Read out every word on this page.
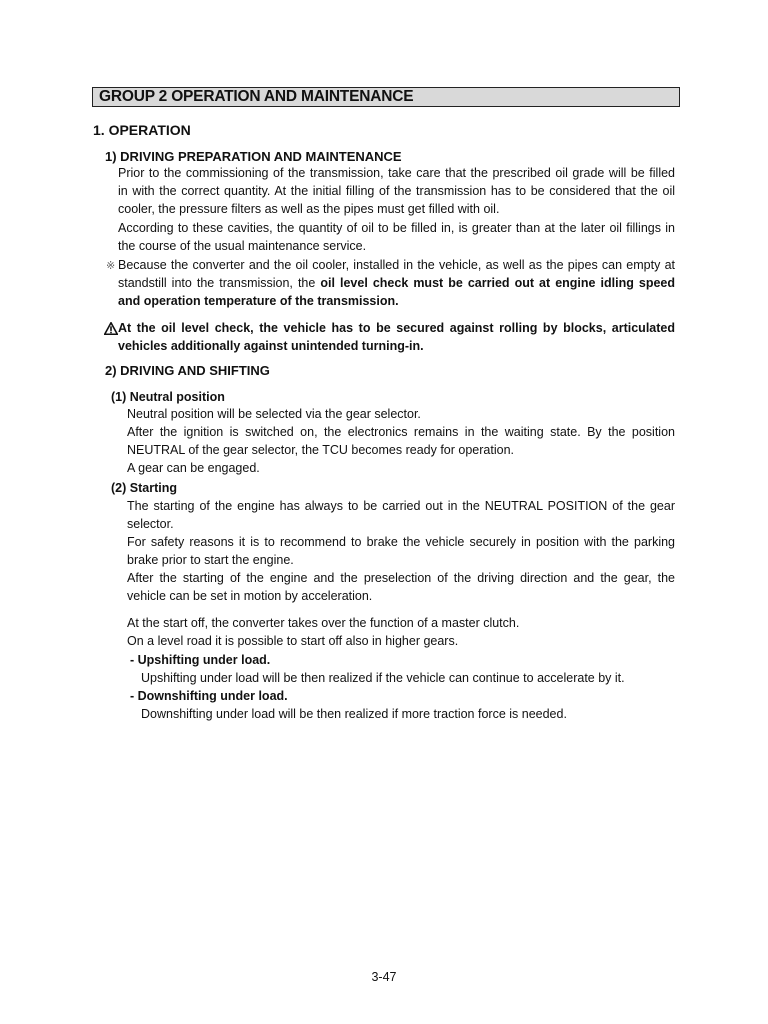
GROUP 2 OPERATION AND MAINTENANCE
1. OPERATION
1) DRIVING PREPARATION AND MAINTENANCE
Prior to the commissioning of the transmission, take care that the prescribed oil grade will be filled
in with the correct quantity. At the initial filling of the transmission has to be considered that the oil
cooler, the pressure filters as well as the pipes must get filled with oil.
According to these cavities, the quantity of oil to be filled in, is greater than at the later oil fillings in
the course of the usual maintenance service.
※ Because the converter and the oil cooler, installed in the vehicle, as well as the pipes can empty at
standstill into the transmission, the oil level check must be carried out at engine idling speed
and operation temperature of the transmission.
At the oil level check, the vehicle has to be secured against rolling by blocks, articulated
vehicles additionally against unintended turning-in.
2) DRIVING AND SHIFTING
(1) Neutral position
Neutral position will be selected via the gear selector.
After the ignition is switched on, the electronics remains in the waiting state. By the position
NEUTRAL of the gear selector, the TCU becomes ready for operation.
A gear can be engaged.
(2) Starting
The starting of the engine has always to be carried out in the NEUTRAL POSITION of the gear
selector.
For safety reasons it is to recommend to brake the vehicle securely in position with the parking
brake prior to start the engine.
After the starting of the engine and the preselection of the driving direction and the gear, the
vehicle can be set in motion by acceleration.
At the start off, the converter takes over the function of a master clutch.
On a level road it is possible to start off also in higher gears.
- Upshifting under load.
Upshifting under load will be then realized if the vehicle can continue to accelerate by it.
- Downshifting under load.
Downshifting under load will be then realized if more traction force is needed.
3-47
